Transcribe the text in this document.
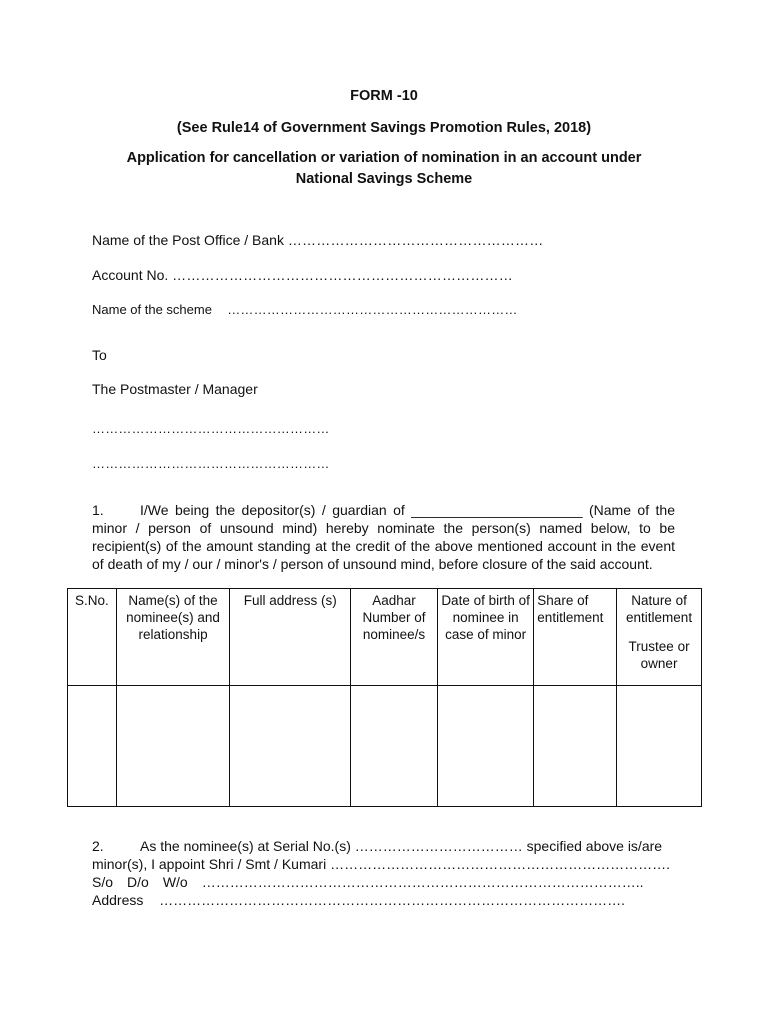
FORM -10
(See Rule14 of Government Savings Promotion Rules, 2018)
Application for cancellation or variation of nomination in an account under
National Savings Scheme
Name of the Post Office / Bank ………………………………………………
Account No. ………………………………………………………………
Name of the scheme …………………………………………………………
To
The Postmaster / Manager
………………………………………………
………………………………………………
1.	I/We being the depositor(s) / guardian of ______________________ (Name of the minor / person of unsound mind) hereby nominate the person(s) named below, to be recipient(s) of the amount standing at the credit of the above mentioned account in the event of death of my / our / minor's / person of unsound mind, before closure of the said account.
S.No.	Name(s) of the nominee(s) and relationship	Full address (s)	Aadhar Number of nominee/s	Date of birth of nominee in case of minor	Share of entitlement	Nature of entitlement
Trustee or owner

2.	As the nominee(s) at Serial No.(s) ……………………………… specified above is/are
minor(s), I appoint Shri / Smt / Kumari ……………………………………………………………….
S/o D/o W/o …………………………………………………………………………………..
Address ……………………………………………………………………………………….
